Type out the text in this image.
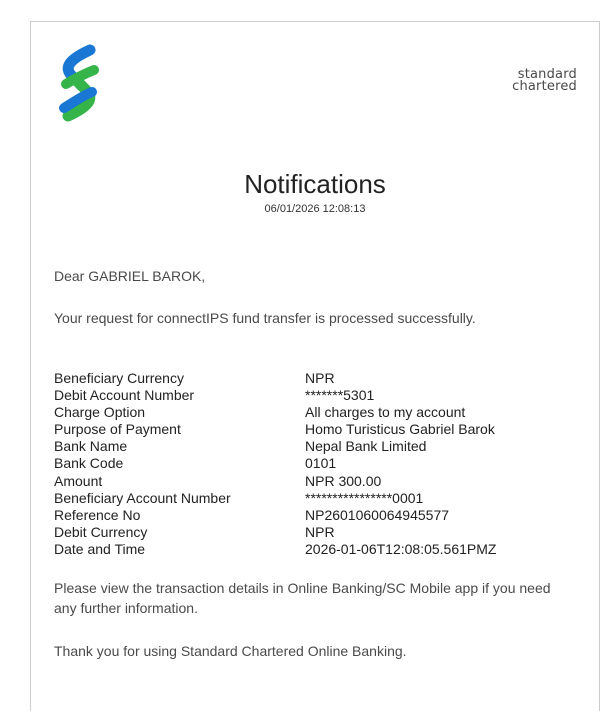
standard
chartered
Notifications
06/01/2026 12:08:13
Dear GABRIEL BAROK,
Your request for connectIPS fund transfer is processed successfully.
Beneficiary Currency	NPR
Debit Account Number	*******5301
Charge Option	All charges to my account
Purpose of Payment	Homo Turisticus Gabriel Barok
Bank Name	Nepal Bank Limited
Bank Code	0101
Amount	NPR 300.00
Beneficiary Account Number	****************0001
Reference No	NP2601060064945577
Debit Currency	NPR
Date and Time	2026-01-06T12:08:05.561PMZ
Please view the transaction details in Online Banking/SC Mobile app if you need any further information.
Thank you for using Standard Chartered Online Banking.
